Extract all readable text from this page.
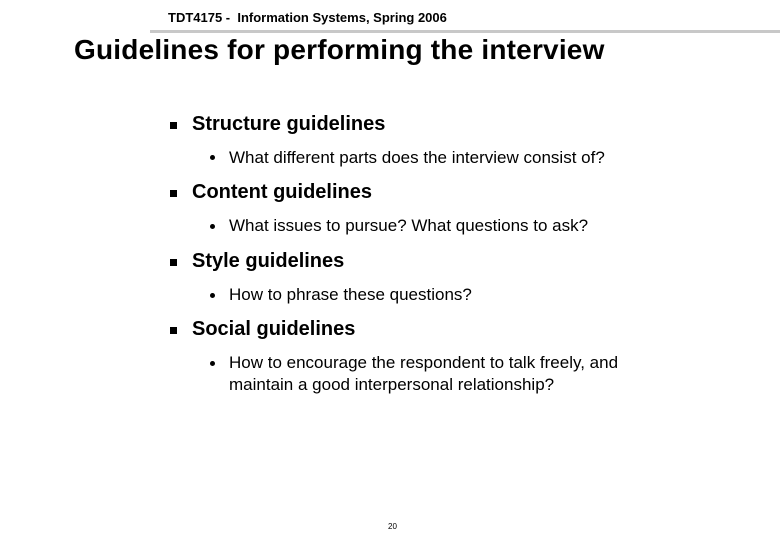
TDT4175 -  Information Systems, Spring 2006
Guidelines for performing the interview
Structure guidelines
What different parts does the interview consist of?
Content guidelines
What issues to pursue? What questions to ask?
Style guidelines
How to phrase these questions?
Social guidelines
How to encourage the respondent to talk freely, and
maintain a good interpersonal relationship?
20
